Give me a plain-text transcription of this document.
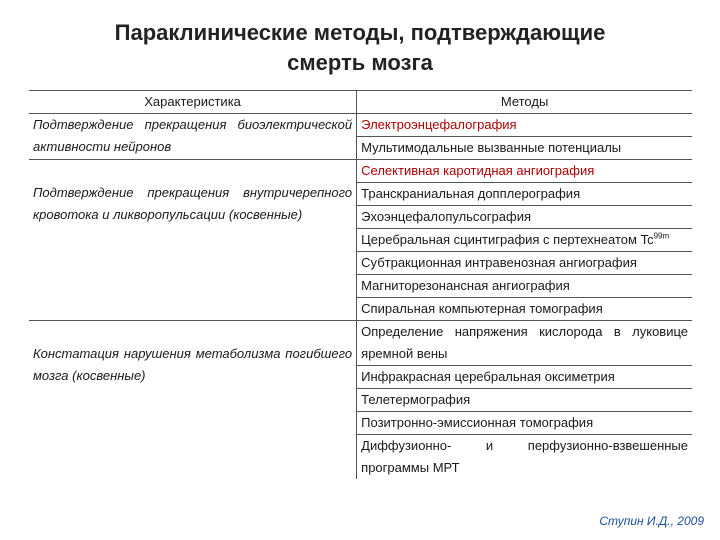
Параклинические методы, подтверждающие
смерть мозга
Характеристика	Методы

Подтверждение прекращения биоэлектрической активности нейронов	Электроэнцефалография
	Мультимодальные вызванные потенциалы

Подтверждение прекращения внутричерепного кровотока и ликворопульсации (косвенные)	Селективная каротидная ангиография
	Транскраниальная допплерография
	Эхоэнцефалопульсография

	Церебральная сцинтиграфия с пертехнеатом $Tc^{99m}$

	Субтракционная интравенозная ангиография
	Магниторезонансная ангиография
	Спиральная компьютерная томография

Констатация нарушения метаболизма погибшего мозга (косвенные)	Определение напряжения кислорода в луковице яремной вены

	Инфракрасная церебральная оксиметрия
	Телетермография
	Позитронно-эмиссионная томография

	Диффузионно- и перфузионно-взвешенные программы МРТ
Ступин И.Д., 2009
